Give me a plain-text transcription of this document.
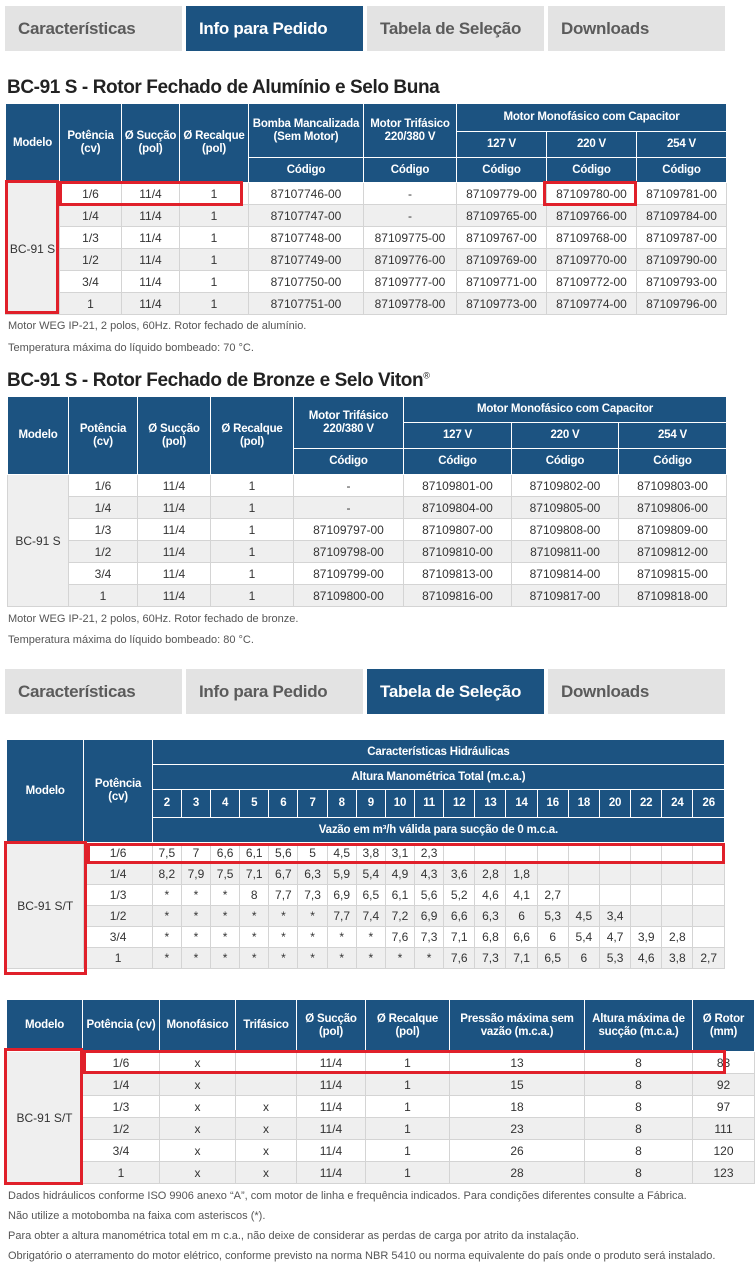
Características	Info para Pedido	Tabela de Seleção	Downloads
BC-91 S - Rotor Fechado de Alumínio e Selo Buna
Modelo	Potência (cv)	Ø Sucção (pol)	Ø Recalque (pol)	Bomba Mancalizada (Sem Motor)	Motor Trifásico 220/380 V	Motor Monofásico com Capacitor		
						127 V	220 V	254 V
				Código	Código	Código	Código	Código
BC-91 S	1/6	11/4	1	87107746-00	-	87109779-00	87109780-00	87109781-00
	1/4	11/4	1	87107747-00	-	87109765-00	87109766-00	87109784-00
	1/3	11/4	1	87107748-00	87109775-00	87109767-00	87109768-00	87109787-00
	1/2	11/4	1	87107749-00	87109776-00	87109769-00	87109770-00	87109790-00
	3/4	11/4	1	87107750-00	87109777-00	87109771-00	87109772-00	87109793-00
	1	11/4	1	87107751-00	87109778-00	87109773-00	87109774-00	87109796-00
Motor WEG IP-21, 2 polos, 60Hz. Rotor fechado de alumínio.
Temperatura máxima do líquido bombeado: 70 °C.
BC-91 S - Rotor Fechado de Bronze e Selo Viton®
Modelo	Potência (cv)	Ø Sucção (pol)	Ø Recalque (pol)	Motor Trifásico 220/380 V	Motor Monofásico com Capacitor		
					127 V	220 V	254 V
				Código	Código	Código	Código
BC-91 S	1/6	11/4	1	-	87109801-00	87109802-00	87109803-00
	1/4	11/4	1	-	87109804-00	87109805-00	87109806-00
	1/3	11/4	1	87109797-00	87109807-00	87109808-00	87109809-00
	1/2	11/4	1	87109798-00	87109810-00	87109811-00	87109812-00
	3/4	11/4	1	87109799-00	87109813-00	87109814-00	87109815-00
	1	11/4	1	87109800-00	87109816-00	87109817-00	87109818-00
Motor WEG IP-21, 2 polos, 60Hz. Rotor fechado de bronze.
Temperatura máxima do líquido bombeado: 80 °C.
Características	Info para Pedido	Tabela de Seleção	Downloads
Modelo	Potência (cv)	Características Hidráulicas																		
		Altura Manométrica Total (m.c.a.)																		
		2	3	4	5	6	7	8	9	10	11	12	13	14	16	18	20	22	24	26
		Vazão em m³/h válida para sucção de 0 m.c.a.																		
BC-91 S/T	1/6	7,5	7	6,6	6,1	5,6	5	4,5	3,8	3,1	2,3									
	1/4	8,2	7,9	7,5	7,1	6,7	6,3	5,9	5,4	4,9	4,3	3,6	2,8	1,8						
	1/3	*	*	*	8	7,7	7,3	6,9	6,5	6,1	5,6	5,2	4,6	4,1	2,7					
	1/2	*	*	*	*	*	*	7,7	7,4	7,2	6,9	6,6	6,3	6	5,3	4,5	3,4			
	3/4	*	*	*	*	*	*	*	*	7,6	7,3	7,1	6,8	6,6	6	5,4	4,7	3,9	2,8	
	1	*	*	*	*	*	*	*	*	*	*	7,6	7,3	7,1	6,5	6	5,3	4,6	3,8	2,7
Modelo	Potência (cv)	Monofásico	Trifásico	Ø Sucção (pol)	Ø Recalque (pol)	Pressão máxima sem vazão (m.c.a.)	Altura máxima de sucção (m.c.a.)	Ø Rotor (mm)
BC-91 S/T	1/6	x		11/4	1	13	8	83
	1/4	x		11/4	1	15	8	92
	1/3	x	x	11/4	1	18	8	97
	1/2	x	x	11/4	1	23	8	111
	3/4	x	x	11/4	1	26	8	120
	1	x	x	11/4	1	28	8	123
Dados hidráulicos conforme ISO 9906 anexo “A”, com motor de linha e frequência indicados. Para condições diferentes consulte a Fábrica.
Não utilize a motobomba na faixa com asteriscos (*).
Para obter a altura manométrica total em m c.a., não deixe de considerar as perdas de carga por atrito da instalação.
Obrigatório o aterramento do motor elétrico, conforme previsto na norma NBR 5410 ou norma equivalente do país onde o produto será instalado.
